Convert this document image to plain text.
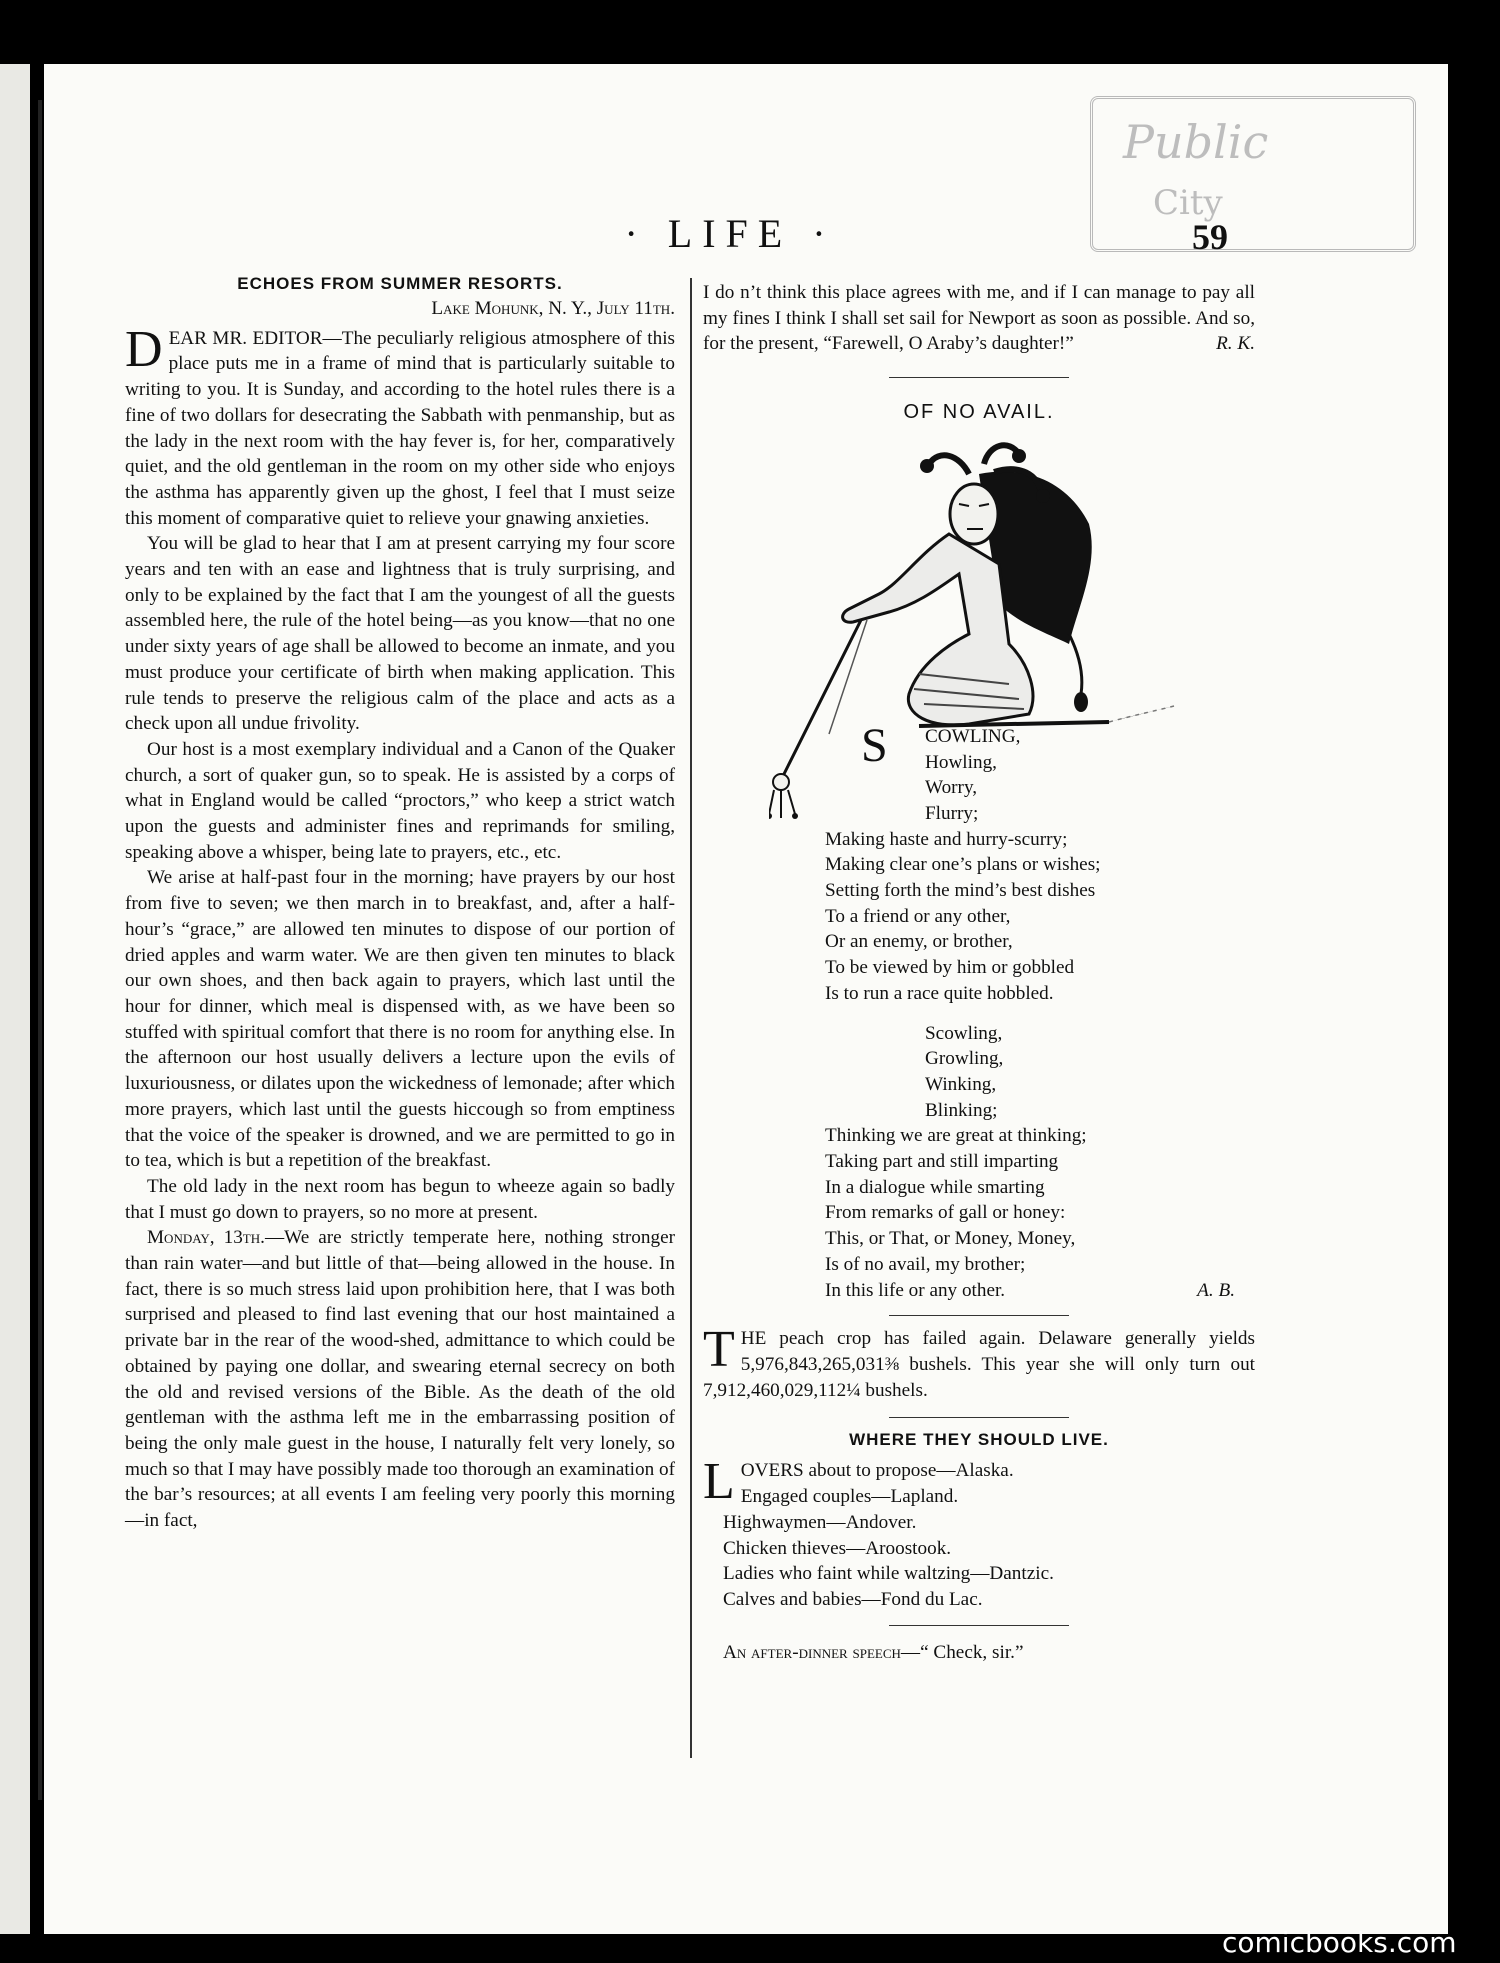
Public
City
· LIFE ·	59
ECHOES FROM SUMMER RESORTS.
Lake Mohunk, N. Y., July 11th.

DEAR MR. EDITOR—The peculiarly religious atmosphere of this place puts me in a frame of mind that is particularly suitable to writing to you. It is Sunday, and according to the hotel rules there is a fine of two dollars for desecrating the Sabbath with penmanship, but as the lady in the next room with the hay fever is, for her, comparatively quiet, and the old gentleman in the room on my other side who enjoys the asthma has apparently given up the ghost, I feel that I must seize this moment of comparative quiet to relieve your gnawing anxieties.

You will be glad to hear that I am at present carrying my four score years and ten with an ease and lightness that is truly surprising, and only to be explained by the fact that I am the youngest of all the guests assembled here, the rule of the hotel being—as you know—that no one under sixty years of age shall be allowed to become an inmate, and you must produce your certificate of birth when making application. This rule tends to preserve the religious calm of the place and acts as a check upon all undue frivolity.

Our host is a most exemplary individual and a Canon of the Quaker church, a sort of quaker gun, so to speak. He is assisted by a corps of what in England would be called “proctors,” who keep a strict watch upon the guests and administer fines and reprimands for smiling, speaking above a whisper, being late to prayers, etc., etc.

We arise at half-past four in the morning; have prayers by our host from five to seven; we then march in to breakfast, and, after a half-hour’s “grace,” are allowed ten minutes to dispose of our portion of dried apples and warm water. We are then given ten minutes to black our own shoes, and then back again to prayers, which last until the hour for dinner, which meal is dispensed with, as we have been so stuffed with spiritual comfort that there is no room for anything else. In the afternoon our host usually delivers a lecture upon the evils of luxuriousness, or dilates upon the wickedness of lemonade; after which more prayers, which last until the guests hiccough so from emptiness that the voice of the speaker is drowned, and we are permitted to go in to tea, which is but a repetition of the breakfast.

The old lady in the next room has begun to wheeze again so badly that I must go down to prayers, so no more at present.

Monday, 13th.—We are strictly temperate here, nothing stronger than rain water—and but little of that—being allowed in the house. In fact, there is so much stress laid upon prohibition here, that I was both surprised and pleased to find last evening that our host maintained a private bar in the rear of the wood-shed, admittance to which could be obtained by paying one dollar, and swearing eternal secrecy on both the old and revised versions of the Bible. As the death of the old gentleman with the asthma left me in the embarrassing position of being the only male guest in the house, I naturally felt very lonely, so much so that I may have possibly made too thorough an examination of the bar’s resources; at all events I am feeling very poorly this morning—in fact,

I do n’t think this place agrees with me, and if I can manage to pay all my fines I think I shall set sail for Newport as soon as possible. And so, for the present, “Farewell, O Araby’s daughter!”	R. K.

OF NO AVAIL.
S COWLING,
Howling,
Worry,
Flurry;
Making haste and hurry-scurry;
Making clear one’s plans or wishes;
Setting forth the mind’s best dishes
To a friend or any other,
Or an enemy, or brother,
To be viewed by him or gobbled
Is to run a race quite hobbled.
Scowling,
Growling,
Winking,
Blinking;
Thinking we are great at thinking;
Taking part and still imparting
In a dialogue while smarting
From remarks of gall or honey:
This, or That, or Money, Money,
Is of no avail, my brother;
In this life or any other.	A. B.

THE peach crop has failed again. Delaware generally yields 5,976,843,265,031⅜ bushels. This year she will only turn out 7,912,460,029,112¼ bushels.

WHERE THEY SHOULD LIVE.

LOVERS about to propose—Alaska.

Engaged couples—Lapland.
Highwaymen—Andover.
Chicken thieves—Aroostook.
Ladies who faint while waltzing—Dantzic.
Calves and babies—Fond du Lac.
An after-dinner speech—“ Check, sir.”
comicbooks.com
